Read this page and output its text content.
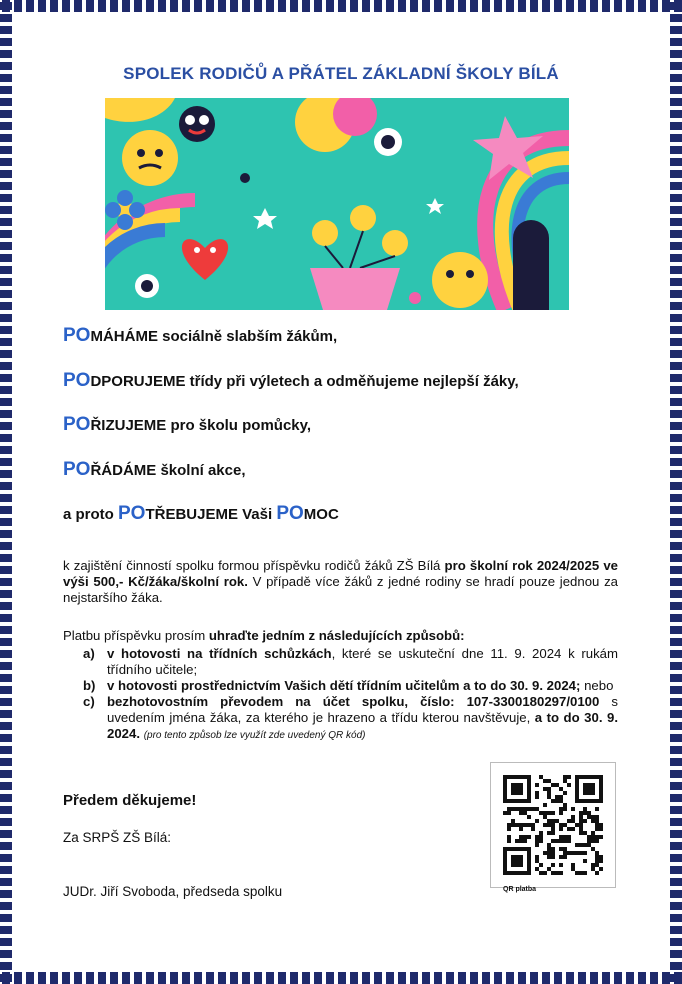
SPOLEK RODIČŮ A PŘÁTEL ZÁKLADNÍ ŠKOLY BÍLÁ
POMÁHÁME sociálně slabším žákům,
PODPORUJEME třídy při výletech a odměňujeme nejlepší žáky,
POŘIZUJEME pro školu pomůcky,
POŘÁDÁME školní akce,
a proto POTŘEBUJEME Vaši POMOC
k zajištění činností spolku formou příspěvku rodičů žáků ZŠ Bílá pro školní rok 2024/2025 ve výši 500,- Kč/žáka/školní rok. V případě více žáků z jedné rodiny se hradí pouze jednou za nejstaršího žáka.
Platbu příspěvku prosím uhraďte jedním z následujících způsobů:
a) v hotovosti na třídních schůzkách, které se uskuteční dne 11. 9. 2024 k rukám třídního učitele;
b) v hotovosti prostřednictvím Vašich dětí třídním učitelům a to do 30. 9. 2024; nebo
c) bezhotovostním převodem na účet spolku, číslo: 107-3300180297/0100 s uvedením jména žáka, za kterého je hrazeno a třídu kterou navštěvuje, a to do 30. 9. 2024. (pro tento způsob lze využít zde uvedený QR kód)
Předem děkujeme!
Za SRPŠ ZŠ Bílá:
JUDr. Jiří Svoboda, předseda spolku	QR platba
